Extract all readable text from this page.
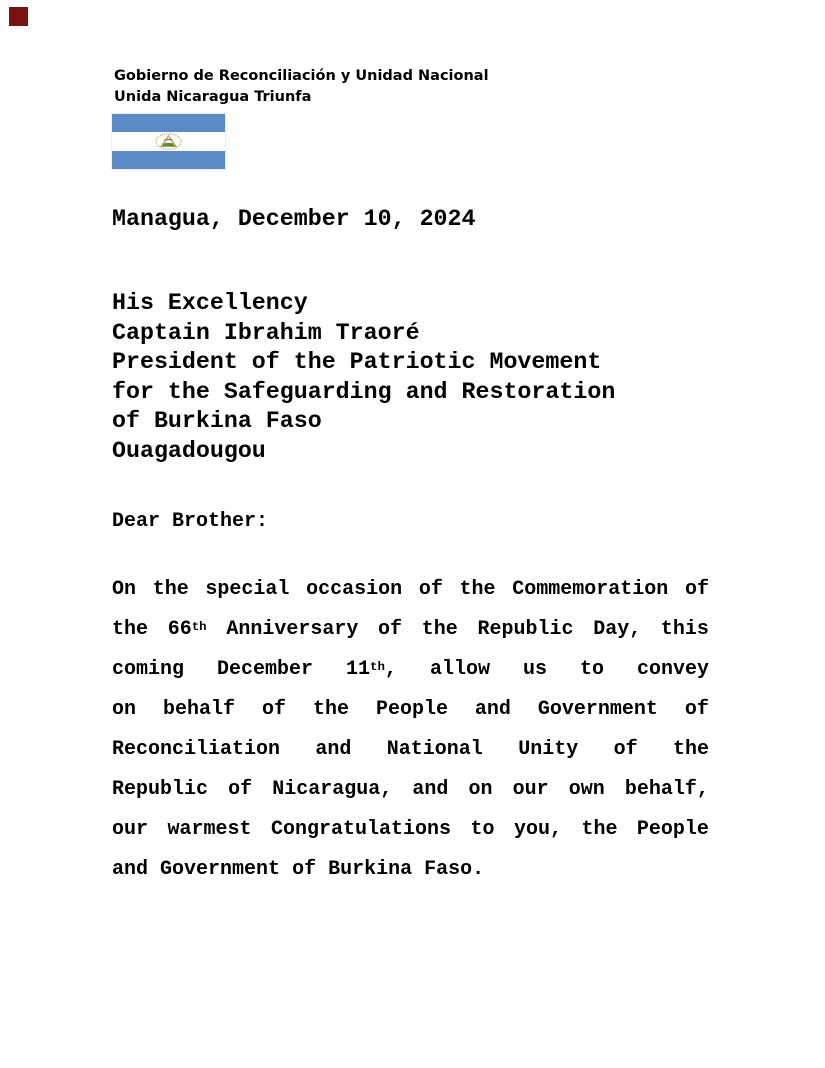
Gobierno de Reconciliación y Unidad Nacional
Unida Nicaragua Triunfa
Managua, December 10, 2024
His Excellency
Captain Ibrahim Traoré
President of the Patriotic Movement
for the Safeguarding and Restoration
of Burkina Faso
Ouagadougou
Dear Brother:
On the special occasion of the Commemoration of
the 66th Anniversary of the Republic Day, this
coming December 11th, allow us to convey
on behalf of the People and Government of
Reconciliation and National Unity of the
Republic of Nicaragua, and on our own behalf,
our warmest Congratulations to you, the People
and Government of Burkina Faso.
